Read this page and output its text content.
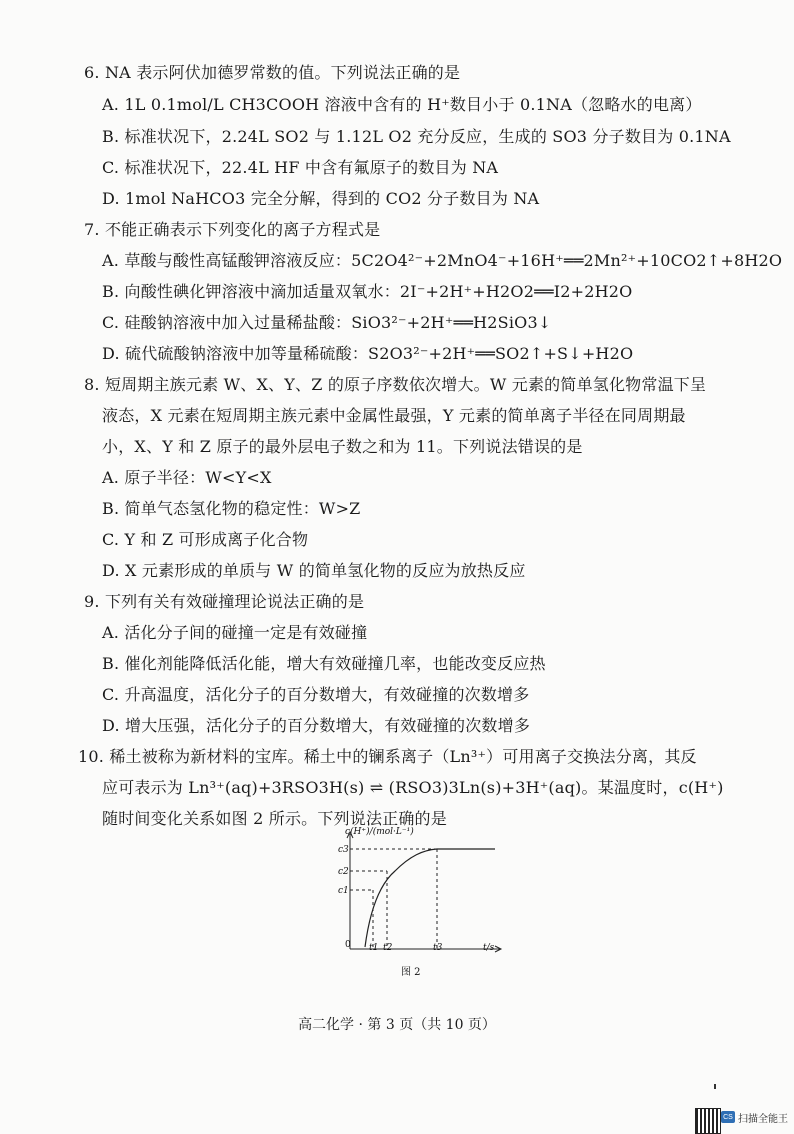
6. NA 表示阿伏加德罗常数的值。下列说法正确的是
A. 1L 0.1mol/L CH3COOH 溶液中含有的 H⁺数目小于 0.1NA（忽略水的电离）
B. 标准状况下，2.24L SO2 与 1.12L O2 充分反应，生成的 SO3 分子数目为 0.1NA
C. 标准状况下，22.4L HF 中含有氟原子的数目为 NA
D. 1mol NaHCO3 完全分解，得到的 CO2 分子数目为 NA
7. 不能正确表示下列变化的离子方程式是
A. 草酸与酸性高锰酸钾溶液反应：5C2O4²⁻+2MnO4⁻+16H⁺══2Mn²⁺+10CO2↑+8H2O
B. 向酸性碘化钾溶液中滴加适量双氧水：2I⁻+2H⁺+H2O2══I2+2H2O
C. 硅酸钠溶液中加入过量稀盐酸：SiO3²⁻+2H⁺══H2SiO3↓
D. 硫代硫酸钠溶液中加等量稀硫酸：S2O3²⁻+2H⁺══SO2↑+S↓+H2O
8. 短周期主族元素 W、X、Y、Z 的原子序数依次增大。W 元素的简单氢化物常温下呈
液态，X 元素在短周期主族元素中金属性最强，Y 元素的简单离子半径在同周期最
小，X、Y 和 Z 原子的最外层电子数之和为 11。下列说法错误的是
A. 原子半径：W<Y<X
B. 简单气态氢化物的稳定性：W>Z
C. Y 和 Z 可形成离子化合物
D. X 元素形成的单质与 W 的简单氢化物的反应为放热反应
9. 下列有关有效碰撞理论说法正确的是
A. 活化分子间的碰撞一定是有效碰撞
B. 催化剂能降低活化能，增大有效碰撞几率，也能改变反应热
C. 升高温度，活化分子的百分数增大，有效碰撞的次数增多
D. 增大压强，活化分子的百分数增大，有效碰撞的次数增多
10. 稀土被称为新材料的宝库。稀土中的镧系离子（Ln³⁺）可用离子交换法分离，其反
应可表示为 Ln³⁺(aq)+3RSO3H(s) ⇌ (RSO3)3Ln(s)+3H⁺(aq)。某温度时，c(H⁺)
随时间变化关系如图 2 所示。下列说法正确的是
c(H⁺)/(mol·L⁻¹)
c3
c2
c1
0 t1 t2	t3	t/s
图 2
高二化学 · 第 3 页（共 10 页）
CS 扫描全能王
